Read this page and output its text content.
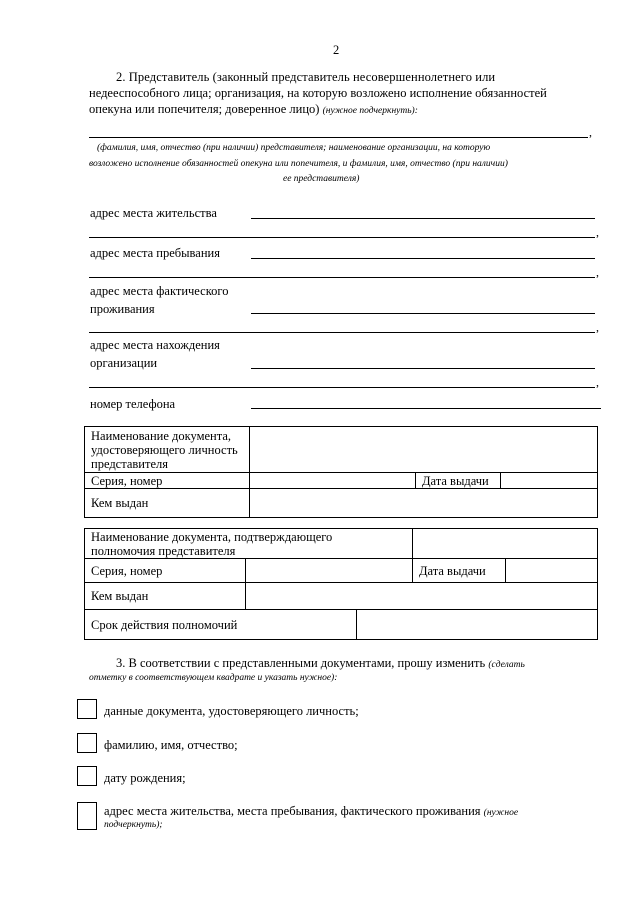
2
2. Представитель (законный представитель несовершеннолетнего или
недееспособного лица; организация, на которую возложено исполнение обязанностей
опекуна или попечителя; доверенное лицо) (нужное подчеркнуть):
,
(фамилия, имя, отчество (при наличии) представителя; наименование организации, на которую
возложено исполнение обязанностей опекуна или попечителя, и фамилия, имя, отчество (при наличии)
ее представителя)
адрес места жительства
,
адрес места пребывания
,
адрес места фактического
проживания
,
адрес места нахождения
организации
,
номер телефона
Наименование документа,
удостоверяющего личность
представителя			

Серия, номер		Дата выдачи	
Кем выдан			
Наименование документа, подтверждающего
полномочия представителя				

Серия, номер			Дата выдачи	
Кем выдан				
Срок действия полномочий				
3. В соответствии с представленными документами, прошу изменить (сделать
отметку в соответствующем квадрате и указать нужное):
данные документа, удостоверяющего личность;
фамилию, имя, отчество;
дату рождения;
адрес места жительства, места пребывания, фактического проживания (нужное
подчеркнуть);
